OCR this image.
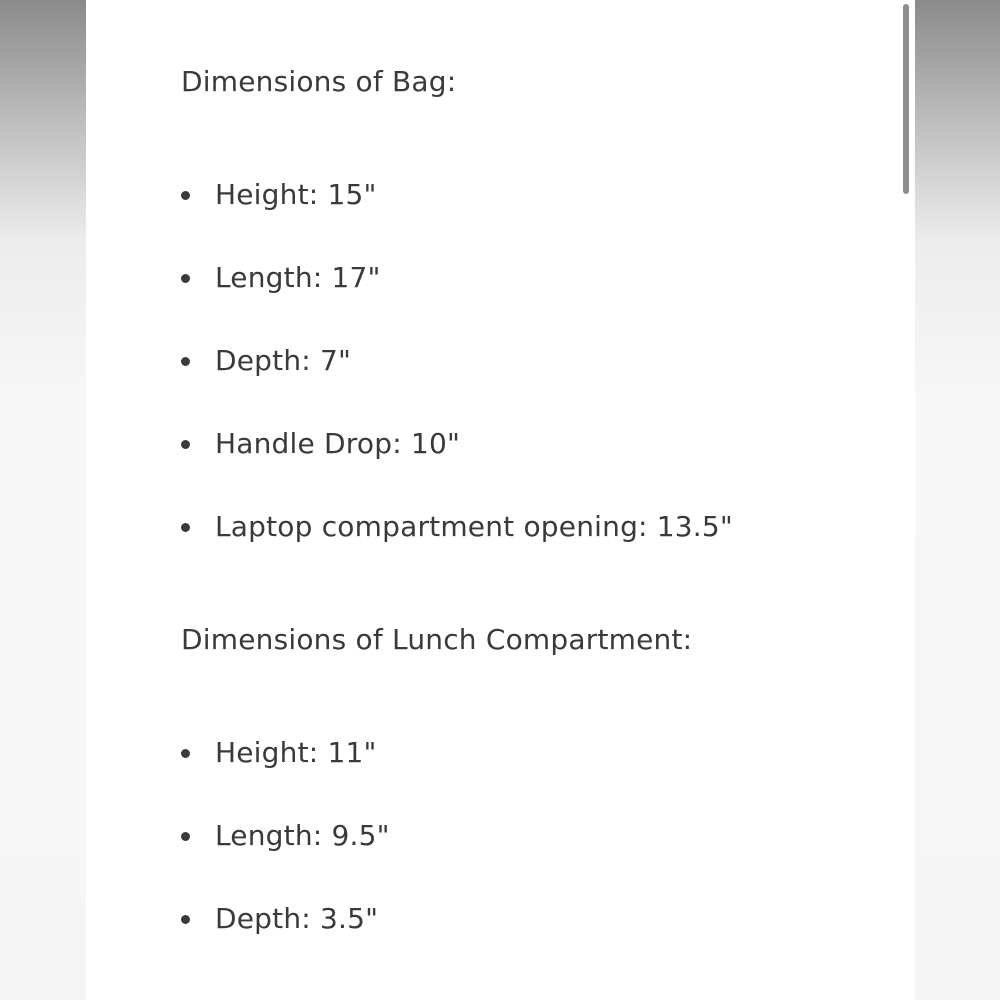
Dimensions of Bag:
Height: 15"
Length: 17"
Depth: 7"
Handle Drop: 10"
Laptop compartment opening: 13.5"
Dimensions of Lunch Compartment:
Height: 11"
Length: 9.5"
Depth: 3.5"
